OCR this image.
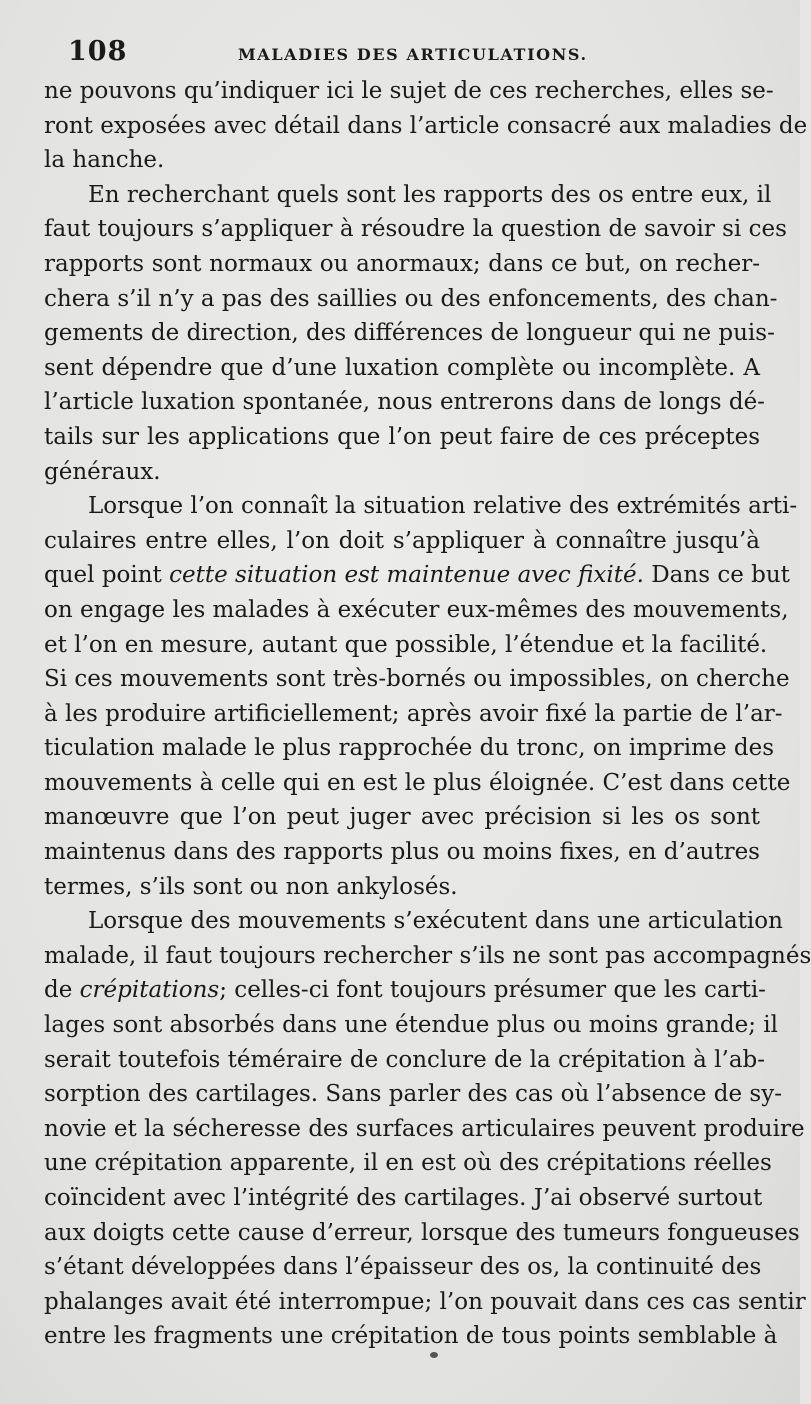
108	MALADIES DES ARTICULATIONS.
ne pouvons qu’indiquer ici le sujet de ces recherches, elles se-
ront exposées avec détail dans l’article consacré aux maladies de
la hanche.
En recherchant quels sont les rapports des os entre eux, il
faut toujours s’appliquer à résoudre la question de savoir si ces
rapports sont normaux ou anormaux; dans ce but, on recher-
chera s’il n’y a pas des saillies ou des enfoncements, des chan-
gements de direction, des différences de longueur qui ne puis-
sent dépendre que d’une luxation complète ou incomplète. A
l’article luxation spontanée, nous entrerons dans de longs dé-
tails sur les applications que l’on peut faire de ces préceptes
généraux.
Lorsque l’on connaît la situation relative des extrémités arti-
culaires entre elles, l’on doit s’appliquer à connaître jusqu’à
quel point cette situation est maintenue avec fixité. Dans ce but
on engage les malades à exécuter eux-mêmes des mouvements,
et l’on en mesure, autant que possible, l’étendue et la facilité.
Si ces mouvements sont très-bornés ou impossibles, on cherche
à les produire artificiellement; après avoir fixé la partie de l’ar-
ticulation malade le plus rapprochée du tronc, on imprime des
mouvements à celle qui en est le plus éloignée. C’est dans cette
manœuvre que l’on peut juger avec précision si les os sont
maintenus dans des rapports plus ou moins fixes, en d’autres
termes, s’ils sont ou non ankylosés.
Lorsque des mouvements s’exécutent dans une articulation
malade, il faut toujours rechercher s’ils ne sont pas accompagnés
de crépitations; celles-ci font toujours présumer que les carti-
lages sont absorbés dans une étendue plus ou moins grande; il
serait toutefois téméraire de conclure de la crépitation à l’ab-
sorption des cartilages. Sans parler des cas où l’absence de sy-
novie et la sécheresse des surfaces articulaires peuvent produire
une crépitation apparente, il en est où des crépitations réelles
coïncident avec l’intégrité des cartilages. J’ai observé surtout
aux doigts cette cause d’erreur, lorsque des tumeurs fongueuses
s’étant développées dans l’épaisseur des os, la continuité des
phalanges avait été interrompue; l’on pouvait dans ces cas sentir
entre les fragments une crépitation de tous points semblable à
